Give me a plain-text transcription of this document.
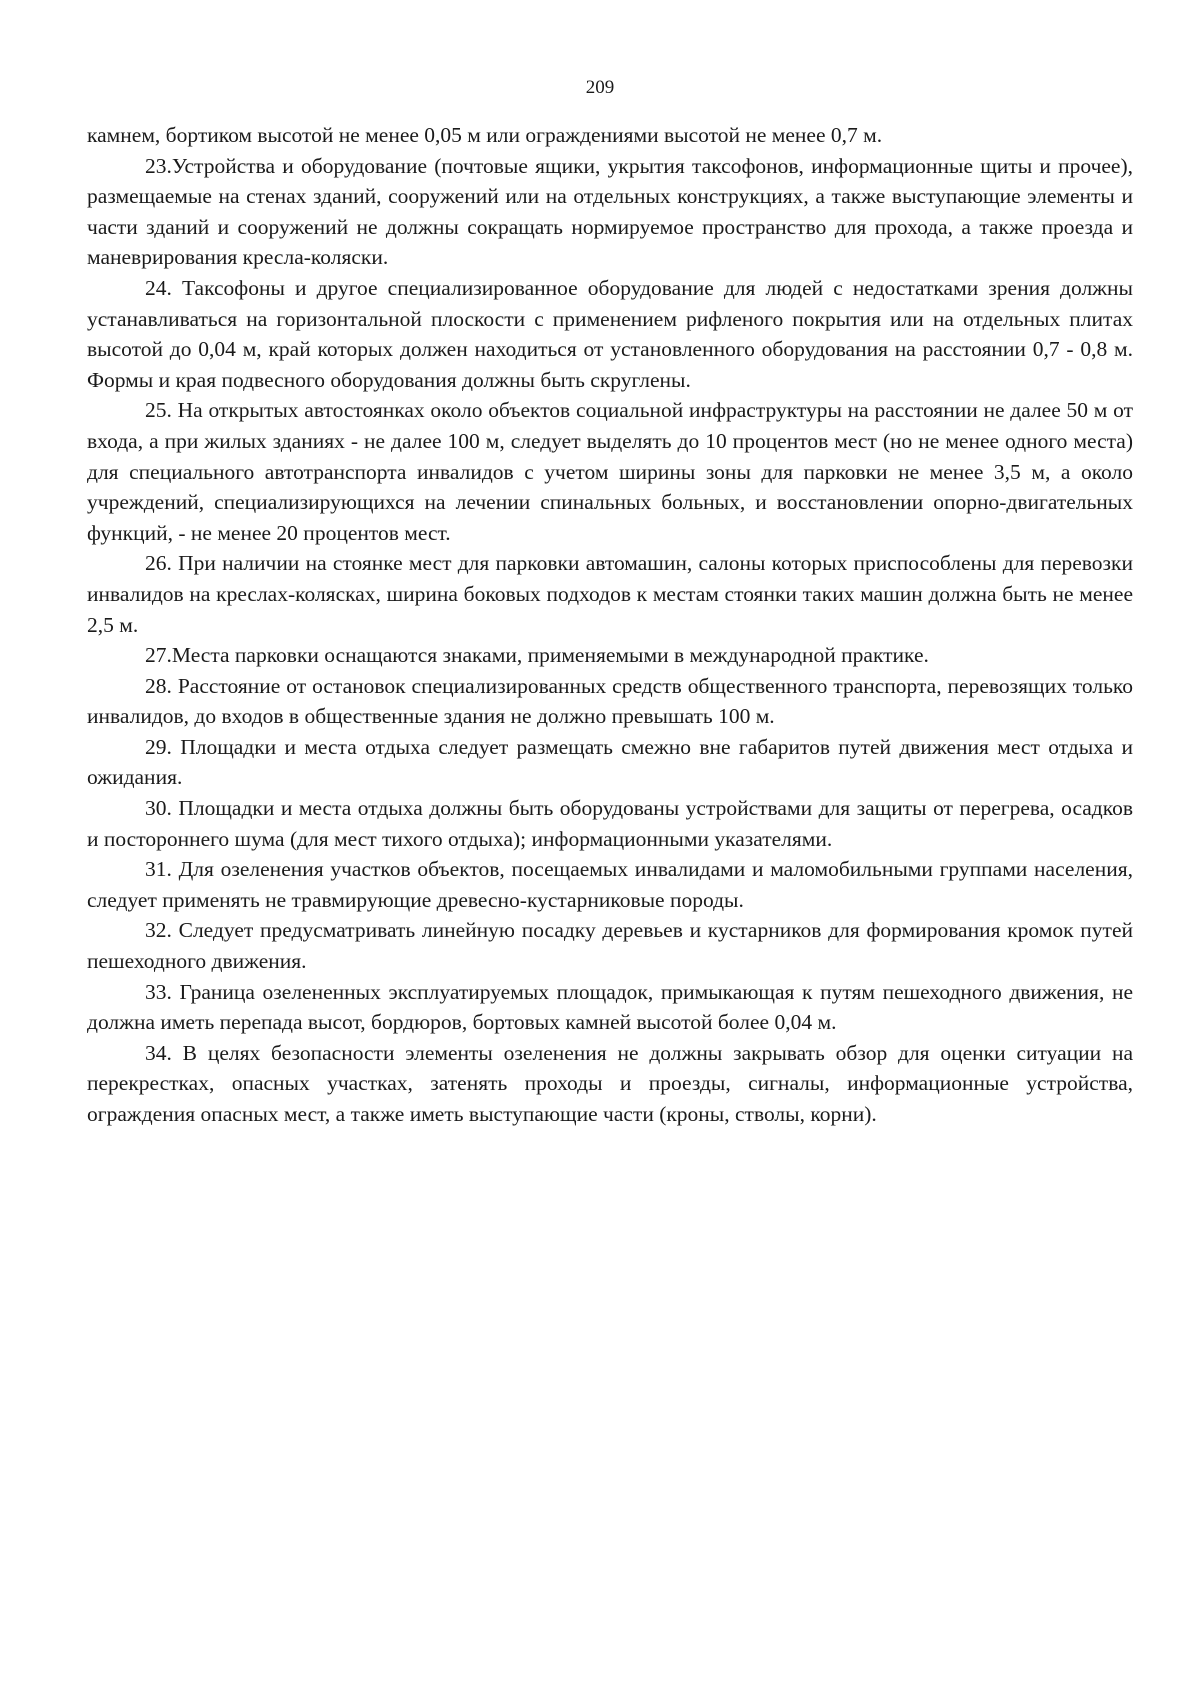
209

камнем, бортиком высотой не менее 0,05 м или ограждениями высотой не менее 0,7 м.

23.Устройства и оборудование (почтовые ящики, укрытия таксофонов, информационные щиты и прочее), размещаемые на стенах зданий, сооружений или на отдельных конструкциях, а также выступающие элементы и части зданий и сооружений не должны сокращать нормируемое пространство для прохода, а также проезда и маневрирования кресла-коляски.

24. Таксофоны и другое специализированное оборудование для людей с недостатками зрения должны устанавливаться на горизонтальной плоскости с применением рифленого покрытия или на отдельных плитах высотой до 0,04 м, край которых должен находиться от установленного оборудования на расстоянии 0,7 - 0,8 м. Формы и края подвесного оборудования должны быть скруглены.

25. На открытых автостоянках около объектов социальной инфраструктуры на расстоянии не далее 50 м от входа, а при жилых зданиях - не далее 100 м, следует выделять до 10 процентов мест (но не менее одного места) для специального автотранспорта инвалидов с учетом ширины зоны для парковки не менее 3,5 м, а около учреждений, специализирующихся на лечении спинальных больных, и восстановлении опорно-двигательных функций, - не менее 20 процентов мест.

26. При наличии на стоянке мест для парковки автомашин, салоны которых приспособлены для перевозки инвалидов на креслах-колясках, ширина боковых подходов к местам стоянки таких машин должна быть не менее 2,5 м.

27.Места парковки оснащаются знаками, применяемыми в международной практике.

28. Расстояние от остановок специализированных средств общественного транспорта, перевозящих только инвалидов, до входов в общественные здания не должно превышать 100 м.

29. Площадки и места отдыха следует размещать смежно вне габаритов путей движения мест отдыха и ожидания.

30. Площадки и места отдыха должны быть оборудованы устройствами для защиты от перегрева, осадков и постороннего шума (для мест тихого отдыха); информационными указателями.

31. Для озеленения участков объектов, посещаемых инвалидами и маломобильными группами населения, следует применять не травмирующие древесно-кустарниковые породы.

32. Следует предусматривать линейную посадку деревьев и кустарников для формирования кромок путей пешеходного движения.

33. Граница озелененных эксплуатируемых площадок, примыкающая к путям пешеходного движения, не должна иметь перепада высот, бордюров, бортовых камней высотой более 0,04 м.

34. В целях безопасности элементы озеленения не должны закрывать обзор для оценки ситуации на перекрестках, опасных участках, затенять проходы и проезды, сигналы, информационные устройства, ограждения опасных мест, а также иметь выступающие части (кроны, стволы, корни).
